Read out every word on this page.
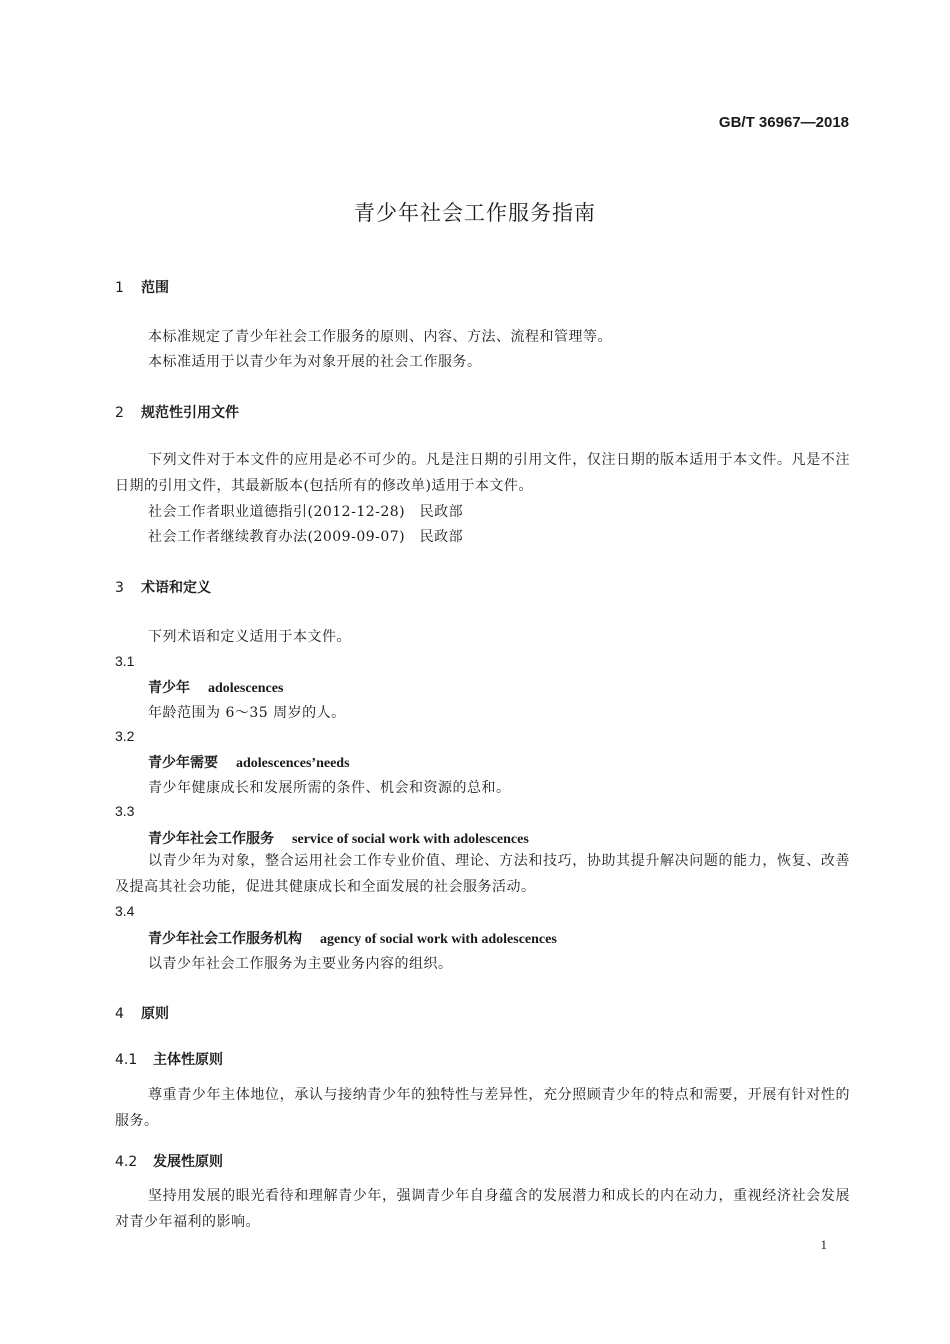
GB/T 36967—2018
青少年社会工作服务指南
1 范围
本标准规定了青少年社会工作服务的原则、内容、方法、流程和管理等。
本标准适用于以青少年为对象开展的社会工作服务。
2 规范性引用文件
下列文件对于本文件的应用是必不可少的。凡是注日期的引用文件，仅注日期的版本适用于本文件。凡是不注日期的引用文件，其最新版本(包括所有的修改单)适用于本文件。
社会工作者职业道德指引(2012-12-28)　民政部
社会工作者继续教育办法(2009-09-07)　民政部
3 术语和定义
下列术语和定义适用于本文件。
3.1
青少年 adolescences
年龄范围为 6～35 周岁的人。
3.2
青少年需要 adolescences’needs
青少年健康成长和发展所需的条件、机会和资源的总和。
3.3
青少年社会工作服务 service of social work with adolescences
以青少年为对象，整合运用社会工作专业价值、理论、方法和技巧，协助其提升解决问题的能力，恢复、改善及提高其社会功能，促进其健康成长和全面发展的社会服务活动。
3.4
青少年社会工作服务机构 agency of social work with adolescences
以青少年社会工作服务为主要业务内容的组织。
4 原则
4.1 主体性原则
尊重青少年主体地位，承认与接纳青少年的独特性与差异性，充分照顾青少年的特点和需要，开展有针对性的服务。
4.2 发展性原则
坚持用发展的眼光看待和理解青少年，强调青少年自身蕴含的发展潜力和成长的内在动力，重视经济社会发展对青少年福利的影响。
1
